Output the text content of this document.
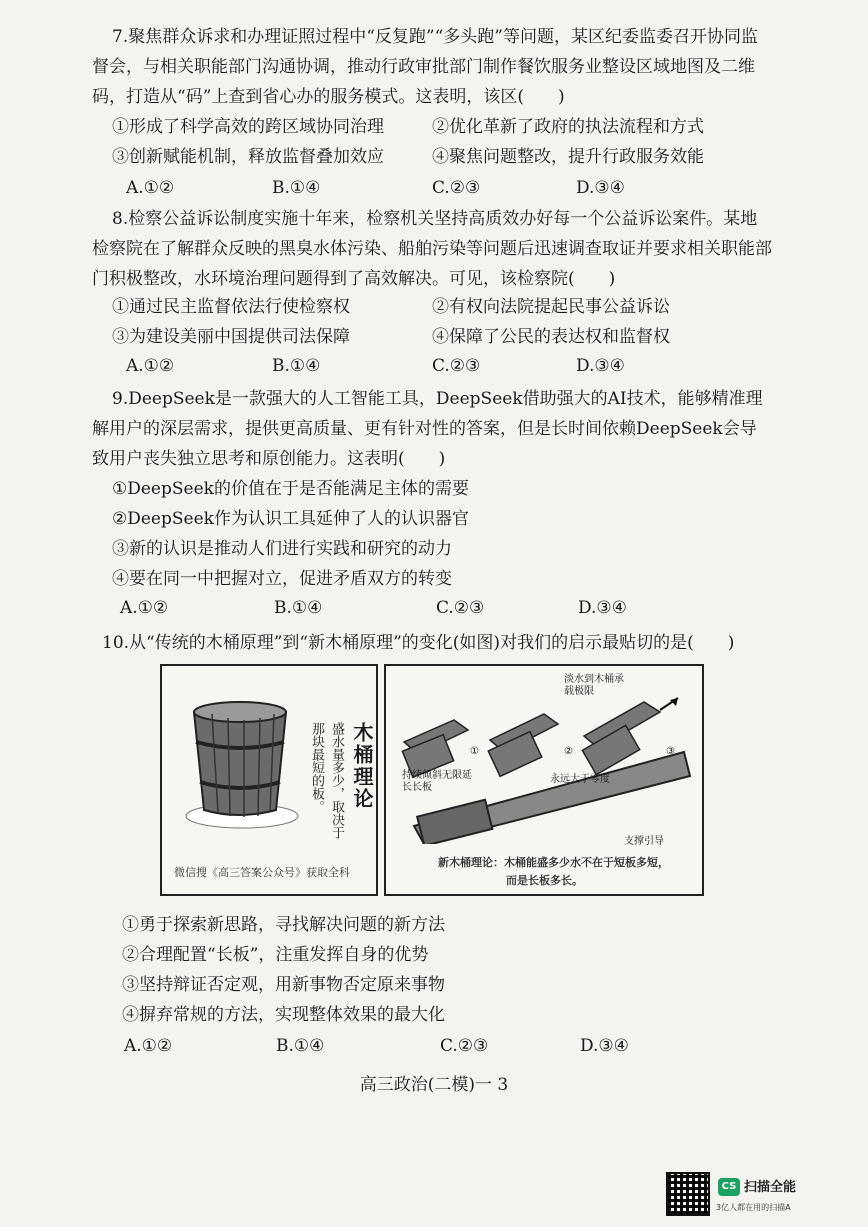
7.聚焦群众诉求和办理证照过程中“反复跑”“多头跑”等问题，某区纪委监委召开协同监督会，与相关职能部门沟通协调，推动行政审批部门制作餐饮服务业整设区域地图及二维码，打造从“码”上查到省心办的服务模式。这表明，该区(　　)

①形成了科学高效的跨区域协同治理	②优化革新了政府的执法流程和方式
③创新赋能机制，释放监督叠加效应	④聚焦问题整改，提升行政服务效能
A.①②	B.①④	C.②③	D.③④

8.检察公益诉讼制度实施十年来，检察机关坚持高质效办好每一个公益诉讼案件。某地检察院在了解群众反映的黑臭水体污染、船舶污染等问题后迅速调查取证并要求相关职能部门积极整改，水环境治理问题得到了高效解决。可见，该检察院(　　)

①通过民主监督依法行使检察权	②有权向法院提起民事公益诉讼
③为建设美丽中国提供司法保障	④保障了公民的表达权和监督权
A.①②	B.①④	C.②③	D.③④

9.DeepSeek是一款强大的人工智能工具，DeepSeek借助强大的AI技术，能够精准理解用户的深层需求，提供更高质量、更有针对性的答案，但是长时间依赖DeepSeek会导致用户丧失独立思考和原创能力。这表明(　　)

①DeepSeek的价值在于是否能满足主体的需要
②DeepSeek作为认识工具延伸了人的认识器官
③新的认识是推动人们进行实践和研究的动力
④要在同一中把握对立，促进矛盾双方的转变
A.①②	B.①④	C.②③	D.③④

10.从“传统的木桶原理”到“新木桶原理”的变化(如图)对我们的启示最贴切的是(　　)

木桶理论
盛水量多少，取决于
那块最短的板。
微信搜《高三答案公众号》获取全科
淡水到木桶承载极限
①	②	③
持续倾斜无限延长长板
永远大于零度
支撑引导
新木桶理论：木桶能盛多少水不在于短板多短，
而是长板多长。
①勇于探索新思路，寻找解决问题的新方法
②合理配置“长板”，注重发挥自身的优势
③坚持辩证否定观，用新事物否定原来事物
④摒弃常规的方法，实现整体效果的最大化
A.①②	B.①④	C.②③	D.③④
高三政治(二模)一 3
CS 扫描全能
3亿人都在用的扫描A
